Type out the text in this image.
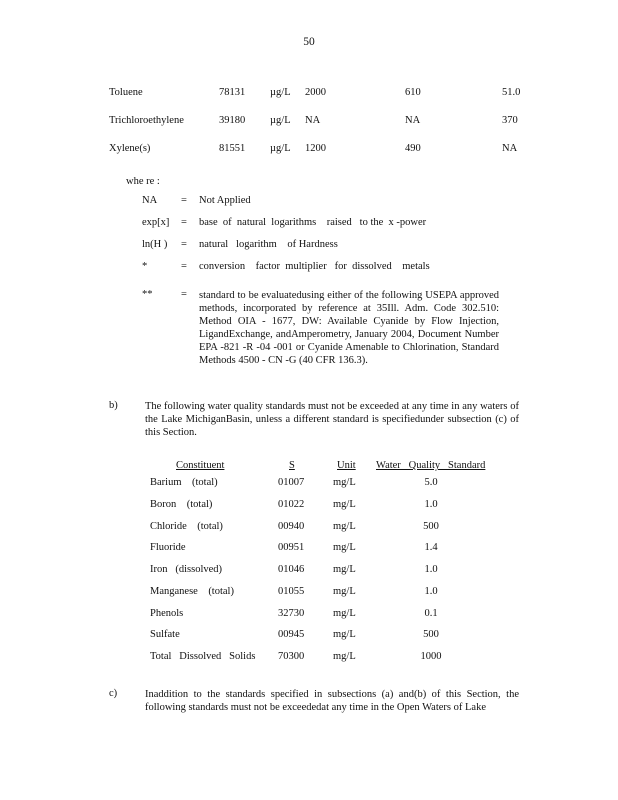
50
Toluene	78131 µg/L 2000	610	51.0
Trichloroethylene	39180 µg/L NA	NA	370
Xylene(s)	81551 µg/L 1200	490	NA
whe re :
NA = Not Applied
exp[x] = base  of  natural  logarithms    raised   to the  x -power
ln(H ) = natural   logarithm    of Hardness
*	= conversion    factor  multiplier   for  dissolved    metals
**	= standard to be evaluatedusing either of the following USEPA approved methods, incorporated by reference at 35Ill. Adm. Code 302.510: Method OIA - 1677, DW: Available Cyanide by Flow Injection, LigandExchange, andAmperometry, January 2004, Document Number EPA -821 -R -04 -001 or Cyanide Amenable to Chlorination, Standard Methods 4500 - CN -G (40 CFR 136.3).
b)	The following water quality standards must not be exceeded at any time in any waters of the Lake MichiganBasin, unless a different standard is specifiedunder subsection (c) of this Section.
Constituent	S	Unit Water   Quality   Standard
Barium    (total)	01007	mg/L	5.0
Boron    (total)	01022	mg/L	1.0
Chloride    (total)	00940	mg/L	500
Fluoride	00951	mg/L	1.4
Iron   (dissolved)	01046	mg/L	1.0
Manganese    (total)	01055	mg/L	1.0
Phenols	32730	mg/L	0.1
Sulfate	00945	mg/L	500
Total   Dissolved   Solids 70300	mg/L	1000
c)	Inaddition to the standards specified in subsections (a) and(b) of this Section, the following standards must not be exceededat any time in the Open Waters of Lake
